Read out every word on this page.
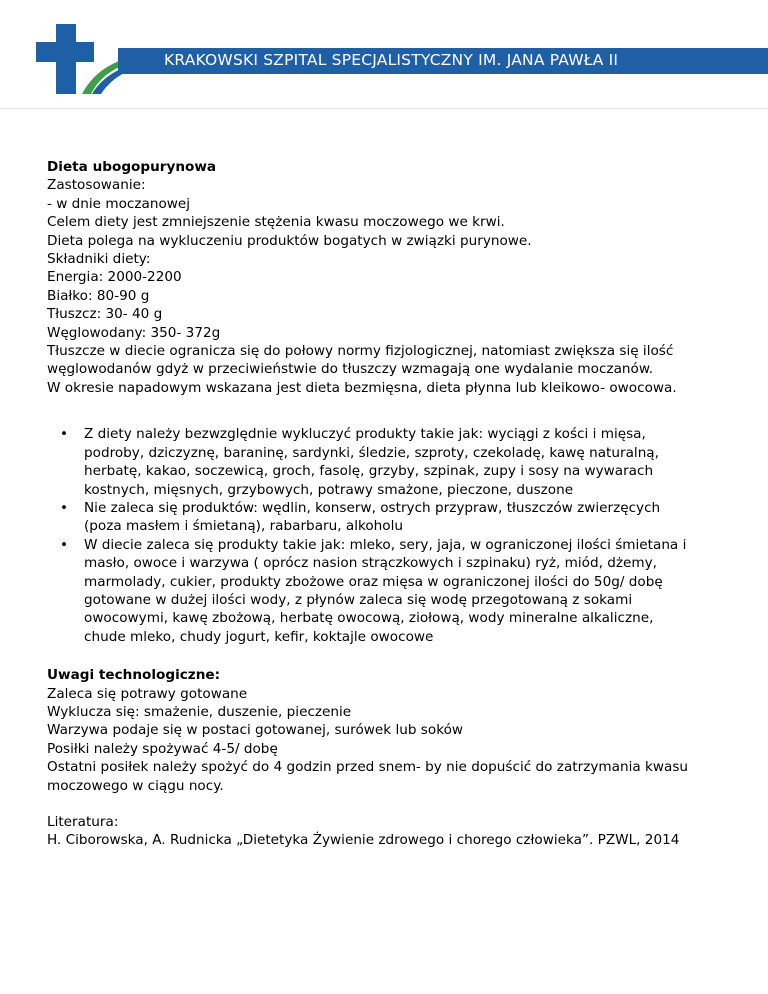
KRAKOWSKI SZPITAL SPECJALISTYCZNY IM. JANA PAWŁA II
Dieta ubogopurynowa
Zastosowanie:
- w dnie moczanowej
Celem diety jest zmniejszenie stężenia kwasu moczowego we krwi.
Dieta polega na wykluczeniu produktów bogatych w związki purynowe.
Składniki diety:
Energia: 2000-2200
Białko: 80-90 g
Tłuszcz: 30- 40 g
Węglowodany: 350- 372g
Tłuszcze w diecie ogranicza się do połowy normy fizjologicznej, natomiast zwiększa się ilość
węglowodanów gdyż w przeciwieństwie do tłuszczy wzmagają one wydalanie moczanów.
W okresie napadowym wskazana jest dieta bezmięsna, dieta płynna lub kleikowo- owocowa.
• Z diety należy bezwzględnie wykluczyć produkty takie jak: wyciągi z kości i mięsa,
podroby, dziczyznę, baraninę, sardynki, śledzie, szproty, czekoladę, kawę naturalną,
herbatę, kakao, soczewicą, groch, fasolę, grzyby, szpinak, zupy i sosy na wywarach
kostnych, mięsnych, grzybowych, potrawy smażone, pieczone, duszone
• Nie zaleca się produktów: wędlin, konserw, ostrych przypraw, tłuszczów zwierzęcych
(poza masłem i śmietaną), rabarbaru, alkoholu
• W diecie zaleca się produkty takie jak: mleko, sery, jaja, w ograniczonej ilości śmietana i
masło, owoce i warzywa ( oprócz nasion strączkowych i szpinaku) ryż, miód, dżemy,
marmolady, cukier, produkty zbożowe oraz mięsa w ograniczonej ilości do 50g/ dobę
gotowane w dużej ilości wody, z płynów zaleca się wodę przegotowaną z sokami
owocowymi, kawę zbożową, herbatę owocową, ziołową, wody mineralne alkaliczne,
chude mleko, chudy jogurt, kefir, koktajle owocowe
Uwagi technologiczne:
Zaleca się potrawy gotowane
Wyklucza się: smażenie, duszenie, pieczenie
Warzywa podaje się w postaci gotowanej, surówek lub soków
Posiłki należy spożywać 4-5/ dobę
Ostatni posiłek należy spożyć do 4 godzin przed snem- by nie dopuścić do zatrzymania kwasu
moczowego w ciągu nocy.
Literatura:
H. Ciborowska, A. Rudnicka „Dietetyka Żywienie zdrowego i chorego człowieka”. PZWL, 2014
